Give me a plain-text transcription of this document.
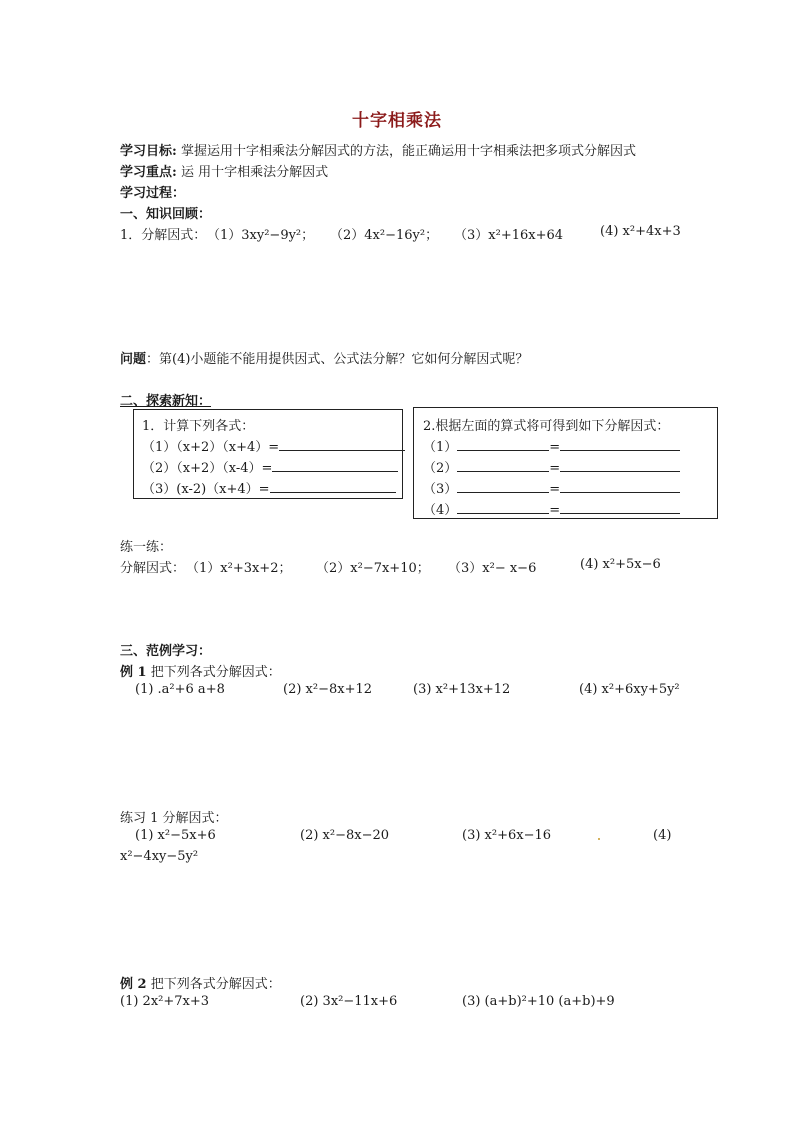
十字相乘法
学习目标: 掌握运用十字相乘法分解因式的方法，能正确运用十字相乘法把多项式分解因式
学习重点: 运 用十字相乘法分解因式
学习过程：
一、知识回顾：
1．分解因式： （1）3xy²−9y²； （2）4x²−16y²； （3）x²+16x+64	(4) x²+4x+3
问题：第(4)小题能不能用提供因式、公式法分解？它如何分解因式呢？
二、探索新知：
1．计算下列各式：
（1）（x+2）（x+4）=
（2）（x+2）（x-4）=
（3）(x-2)（x+4）=
2.根据左面的算式将可得到如下分解因式：
（1）	=
（2）	=
（3）	=
（4）	=
练一练：
分解因式： （1）x²+3x+2； （2）x²−7x+10； （3）x²− x−6	(4) x²+5x−6
三、范例学习：
例 1 把下列各式分解因式：
(1) .a²+6 a+8	(2) x²−8x+12	(3) x²+13x+12	(4) x²+6xy+5y²
练习 1 分解因式：
(1) x²−5x+6	(2) x²−8x−20	(3) x²+6x−16	(4)
x²−4xy−5y²
例 2 把下列各式分解因式：
(1) 2x²+7x+3	(2) 3x²−11x+6	(3) (a+b)²+10 (a+b)+9
